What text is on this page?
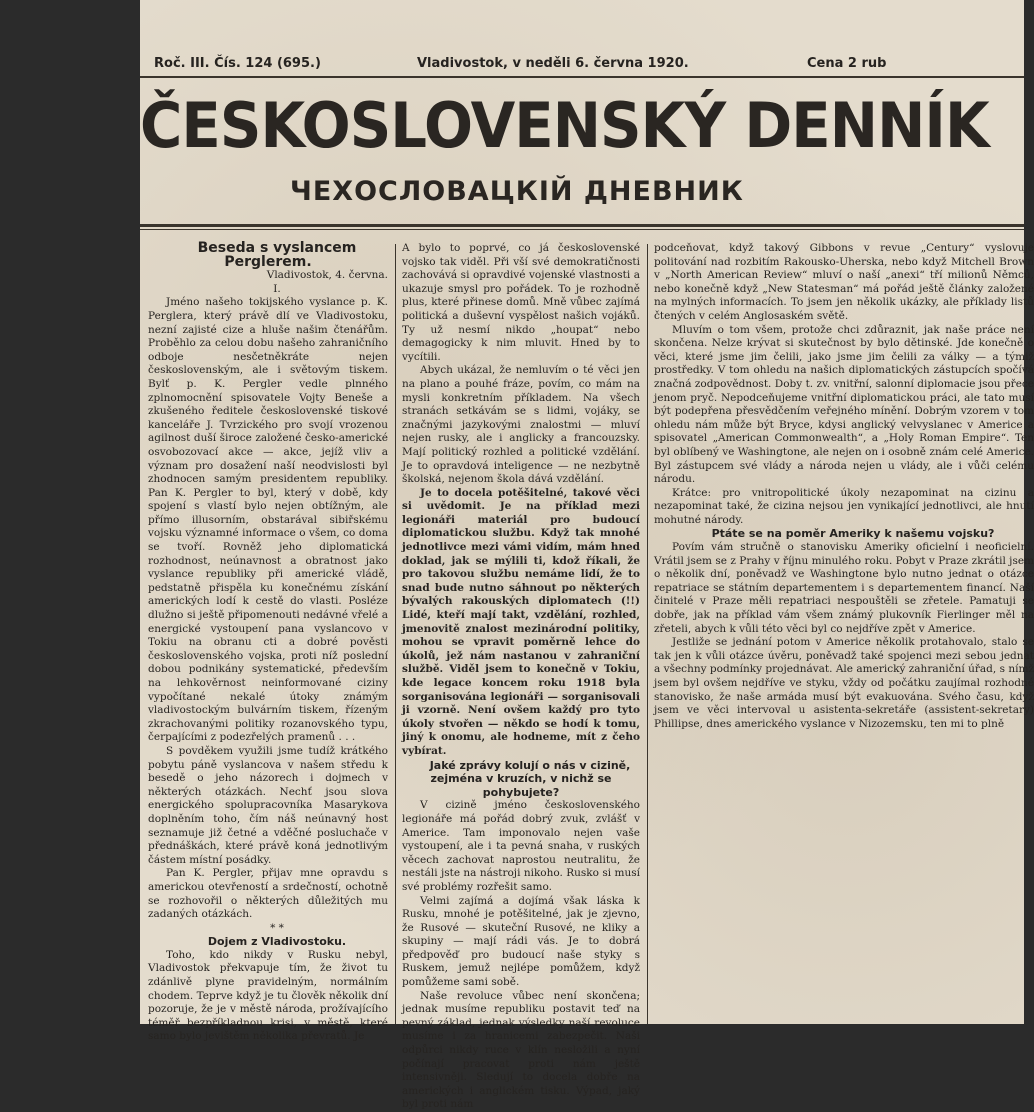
Roč. III. Čís. 124 (695.)	Vladivostok, v neděli 6. června 1920.	Cena 2 rub
ČESKOSLOVENSKÝ DENNÍK
ЧЕХОСЛОВАЦКІЙ ДНЕВНИК

Beseda s vyslancem Perglerem.

Vladivostok, 4. června.

I.

Jméno našeho tokijského vyslance p. K. Perglera, který právě dlí ve Vladivostoku, nezní zajisté cize a hluše našim čtenářům. Proběhlo za celou dobu našeho zahraničního odboje nesčetněkráte nejen československým, ale i světovým tiskem. Bylť p. K. Pergler vedle plnného zplnomocnění spisovatele Vojty Beneše a zkušeného ředitele československé tiskové kanceláře J. Tvrzického pro svojí vrozenou agilnost duší široce založené česko-americké osvobozovací akce — akce, jejíž vliv a význam pro dosažení naší neodvislosti byl zhodnocen samým presidentem republiky. Pan K. Pergler to byl, který v době, kdy spojení s vlastí bylo nejen obtížným, ale přímo illusorním, obstarával sibiřskému vojsku významné informace o všem, co doma se tvoří. Rovněž jeho diplomatická rozhodnost, neúnavnost a obratnost jako vyslance republiky při americké vládě, pedstatně přispěla ku konečnému získání amerických lodí k cestě do vlasti. Posléze dlužno si ještě připomenouti nedávné vřelé a energické vystoupení pana vyslancovo v Tokiu na obranu cti a dobré pověsti československého vojska, proti níž poslední dobou podnikány systematické, především na lehkověrnost neinformované ciziny vypočítané nekalé útoky známým vladivostockým bulvárním tiskem, řízeným zkrachovanými politiky rozanovského typu, čerpajícími z podezřelých pramenů . . .

S povděkem využili jsme tudíž krátkého pobytu páně vyslancova v našem středu k besedě o jeho názorech i dojmech v některých otázkách. Nechť jsou slova energického spolupracovníka Masarykova doplněním toho, čím náš neúnavný host seznamuje již četné a vděčné posluchače v přednáškách, které právě koná jednotlivým částem místní posádky.

Pan K. Pergler, přijav mne opravdu s americkou otevřeností a srdečností, ochotně se rozhovořil o některých důležitých mu zadaných otázkách.

* *

Dojem z Vladivostoku.

Toho, kdo nikdy v Rusku nebyl, Vladivostok překvapuje tím, že život tu zdánlivě plyne pravidelným, normálním chodem. Teprve když je tu člověk několik dní pozoruje, že je v městě národa, prožívajícího téměř bezpříkladnou krisi, v městě, které samo bylo jevištěm několika převratů. Je

A bylo to poprvé, co já československé vojsko tak viděl. Při vší své demokratičnosti zachovává si opravdivé vojenské vlastnosti a ukazuje smysl pro pořádek. To je rozhodně plus, které přinese domů. Mně vůbec zajímá politická a duševní vyspělost našich vojáků. Ty už nesmí nikdo „houpat“ nebo demagogicky k nim mluvit. Hned by to vycítili.

Abych ukázal, že nemluvím o té věci jen na plano a pouhé fráze, povím, co mám na mysli konkretním příkladem. Na všech stranách setkávám se s lidmi, vojáky, se značnými jazykovými znalostmi — mluví nejen rusky, ale i anglicky a francouzsky. Mají politický rozhled a politické vzdělání. Je to opravdová inteligence — ne nezbytně školská, nejenom škola dává vzdělání.

Je to docela potěšitelné, takové věci si uvědomit. Je na příklad mezi legionáři materiál pro budoucí diplomatickou službu. Když tak mnohé jednotlivce mezi vámi vidím, mám hned doklad, jak se mýlili ti, kdož říkali, že pro takovou službu nemáme lidí, že to snad bude nutno sáhnout po některých bývalých rakouských diplomatech (!!) Lidé, kteří mají takt, vzdělání, rozhled, jmenovitě znalost mezinárodní politiky, mohou se vpravit poměrně lehce do úkolů, jež nám nastanou v zahraniční službě. Viděl jsem to konečně v Tokiu, kde legace koncem roku 1918 byla sorganisována legionáři — sorganisovali ji vzorně. Není ovšem každý pro tyto úkoly stvořen — někdo se hodí k tomu, jiný k onomu, ale hodneme, mít z čeho vybírat.

Jaké zprávy kolují o nás v cizině, zejména v kruzích, v nichž se pohybujete?

V cizině jméno československého legionáře má pořád dobrý zvuk, zvlášť v Americe. Tam imponovalo nejen vaše vystoupení, ale i ta pevná snaha, v ruských věcech zachovat naprostou neutralitu, že nestáli jste na nástroji nikoho. Rusko si musí své problémy rozřešit samo.

Velmi zajímá a dojímá však láska k Rusku, mnohé je potěšitelné, jak je zjevno, že Rusové — skuteční Rusové, ne kliky a skupiny — mají rádi vás. Je to dobrá předpověď pro budoucí naše styky s Ruskem, jemuž nejlépe pomůžem, když pomůžeme sami sobě.

Naše revoluce vůbec není skončena; jednak musíme republiku postavit teď na pevný základ, jednak výsledky naší revoluce musíme i za hranicemi zabezpečit. Naši odpůrci nikdy ruce v klín nesložili a nyní počínají pracovat proti nám ještě intensivněji. Sledují to docela dobře na amerických i anglickém tisku. Výpad, jaký byl proti nám

podceňovat, když takový Gibbons v revue „Century“ vyslovuje politování nad rozbitím Rakousko-Uherska, nebo když Mitchell Brown v „North American Review“ mluví o naší „anexi“ tří milionů Němců, nebo konečně když „New Statesman“ má pořád ještě články založené na mylných informacích. To jsem jen několik ukázky, ale příklady listů čtených v celém Anglosaském světě.

Mluvím o tom všem, protože chci zdůraznit, jak naše práce není skončena. Nelze krývat si skutečnost by bylo dětinské. Jde konečně o věci, které jsme jim čelili, jako jsme jim čelili za války — a týmiž prostředky. V tom ohledu na našich diplomatických zástupcích spočívá značná zodpovědnost. Doby t. zv. vnitřní, salonní diplomacie jsou přece jenom pryč. Nepodceňujeme vnitřní diplomatickou práci, ale tato musí být podepřena přesvědčením veřejného mínění. Dobrým vzorem v tom ohledu nám může být Bryce, kdysi anglický velvyslanec v Americe a spisovatel „American Commonwealth“, a „Holy Roman Empire“. Ten byl oblíbený ve Washingtone, ale nejen on i osobně znám celé Americe. Byl zástupcem své vlády a národa nejen u vlády, ale i vůči celému národu.

Krátce: pro vnitropolitické úkoly nezapominat na cizinu a nezapominat také, že cizina nejsou jen vynikající jednotlivci, ale hnutí mohutné národy.

Ptáte se na poměr Ameriky k našemu vojsku?

Povím vám stručně o stanovisku Ameriky oficielní i neoficielní. Vrátil jsem se z Prahy v říjnu minulého roku. Pobyt v Praze zkrátil jsem o několik dní, poněvadž ve Washingtone bylo nutno jednat o otázce repatriace se státním departementem i s departementem financí. Naší činitelé v Praze měli repatriaci nespouštěli se zřetele. Pamatuji se dobře, jak na příklad vám všem známý plukovník Fierlinger měl na zřeteli, abych k vůli této věci byl co nejdříve zpět v Americe.

Jestliže se jednání potom v Americe několik protahovalo, stalo se tak jen k vůli otázce úvěru, poněvadž také spojenci mezi sebou jednat a všechny podmínky projednávat. Ale americký zahraniční úřad, s nímž jsem byl ovšem nejdříve ve styku, vždy od počátku zaujímal rozhodné stanovisko, že naše armáda musí být evakuována. Svého času, když jsem ve věci intervoval u asistenta-sekretáře (assistent-sekretary) Phillipse, dnes amerického vyslance v Nizozemsku, ten mi to plně
